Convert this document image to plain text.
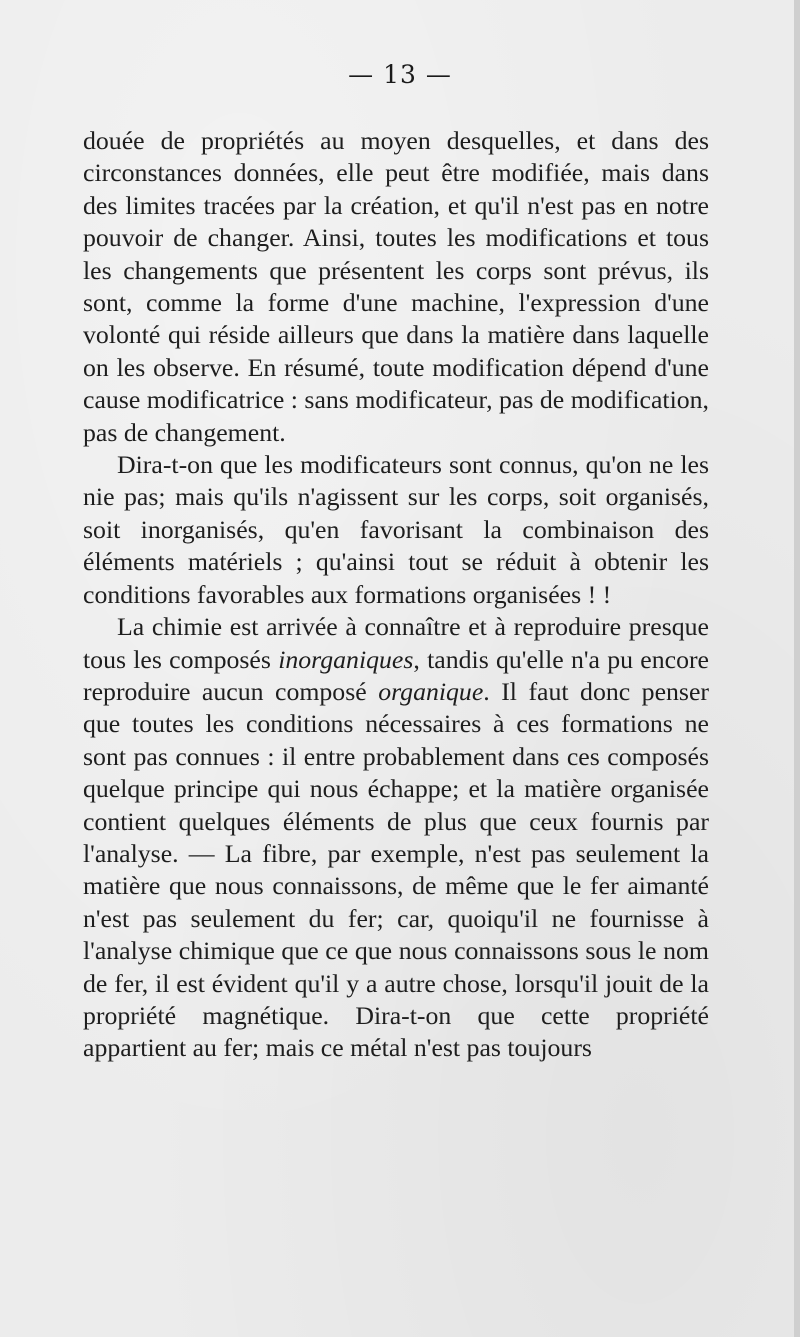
— 13 —

douée de propriétés au moyen desquelles, et dans des circonstances données, elle peut être modifiée, mais dans des limites tracées par la création, et qu'il n'est pas en notre pouvoir de changer. Ainsi, toutes les modifications et tous les changements que présentent les corps sont prévus, ils sont, comme la forme d'une machine, l'expression d'une volonté qui réside ailleurs que dans la matière dans laquelle on les observe. En résumé, toute modification dépend d'une cause modificatrice : sans modificateur, pas de modification, pas de changement.

Dira-t-on que les modificateurs sont connus, qu'on ne les nie pas; mais qu'ils n'agissent sur les corps, soit organisés, soit inorganisés, qu'en favorisant la combinaison des éléments matériels ; qu'ainsi tout se réduit à obtenir les conditions favorables aux formations organisées ! !

La chimie est arrivée à connaître et à reproduire presque tous les composés inorganiques, tandis qu'elle n'a pu encore reproduire aucun composé organique. Il faut donc penser que toutes les conditions nécessaires à ces formations ne sont pas connues : il entre probablement dans ces composés quelque principe qui nous échappe; et la matière organisée contient quelques éléments de plus que ceux fournis par l'analyse. — La fibre, par exemple, n'est pas seulement la matière que nous connaissons, de même que le fer aimanté n'est pas seulement du fer; car, quoiqu'il ne fournisse à l'analyse chimique que ce que nous connaissons sous le nom de fer, il est évident qu'il y a autre chose, lorsqu'il jouit de la propriété magnétique. Dira-t-on que cette propriété appartient au fer; mais ce métal n'est pas toujours
